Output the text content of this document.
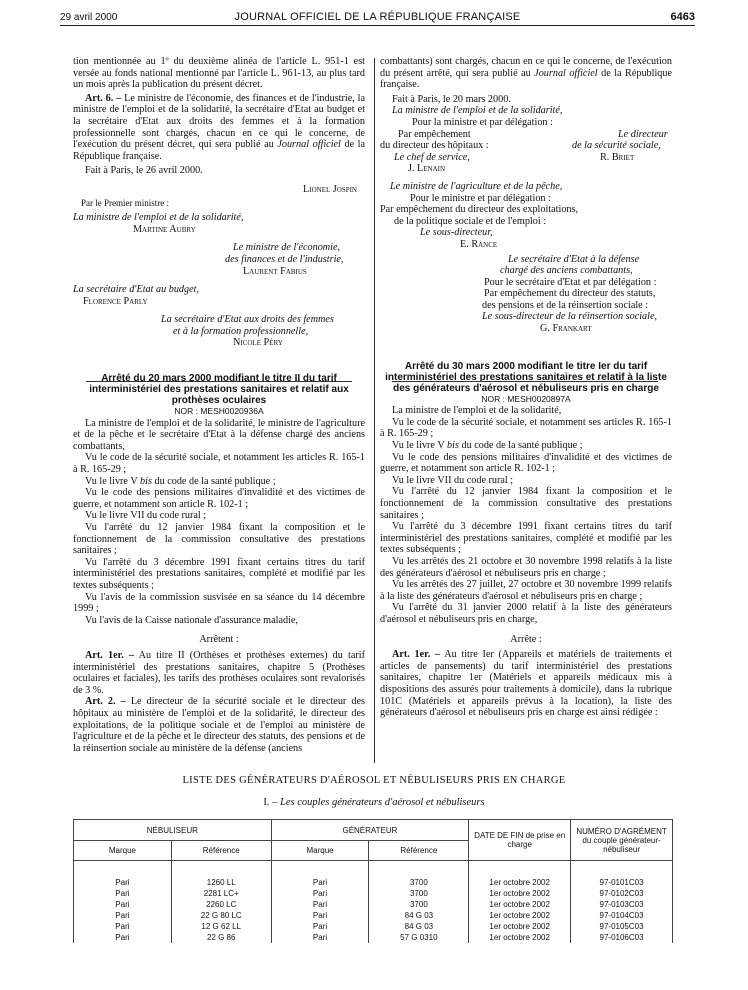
29 avril 2000	JOURNAL OFFICIEL DE LA RÉPUBLIQUE FRANÇAISE	6463

tion mentionnée au 1º du deuxième alinéa de l'article L. 951-1 est versée au fonds national mentionné par l'article L. 961-13, au plus tard un mois après la publication du présent décret.

Art. 6. – Le ministre de l'économie, des finances et de l'industrie, la ministre de l'emploi et de la solidarité, la secrétaire d'Etat au budget et la secrétaire d'Etat aux droits des femmes et à la formation professionnelle sont chargés, chacun en ce qui le concerne, de l'exécution du présent décret, qui sera publié au Journal officiel de la République française.

Fait à Paris, le 26 avril 2000.

Lionel Jospin

Par le Premier ministre :

La ministre de l'emploi et de la solidarité,

Martine Aubry

Le ministre de l'économie,

des finances et de l'industrie,

Laurent Fabius

La secrétaire d'Etat au budget,

Florence Parly

La secrétaire d'Etat aux droits des femmes

et à la formation professionnelle,

Nicole Péry

Arrêté du 20 mars 2000 modifiant le titre II du tarif interministériel des prestations sanitaires et relatif aux prothèses oculaires

NOR : MESH0020936A

La ministre de l'emploi et de la solidarité, le ministre de l'agriculture et de la pêche et le secrétaire d'Etat à la défense chargé des anciens combattants,

Vu le code de la sécurité sociale, et notamment les articles R. 165-1 à R. 165-29 ;

Vu le livre V bis du code de la santé publique ;

Vu le code des pensions militaires d'invalidité et des victimes de guerre, et notamment son article R. 102-1 ;

Vu le livre VII du code rural ;

Vu l'arrêté du 12 janvier 1984 fixant la composition et le fonctionnement de la commission consultative des prestations sanitaires ;

Vu l'arrêté du 3 décembre 1991 fixant certains titres du tarif interministériel des prestations sanitaires, complété et modifié par les textes subséquents ;

Vu l'avis de la commission susvisée en sa séance du 14 décembre 1999 ;

Vu l'avis de la Caisse nationale d'assurance maladie,

Arrêtent :

Art. 1er. – Au titre II (Orthèses et prothèses externes) du tarif interministériel des prestations sanitaires, chapitre 5 (Prothèses oculaires et faciales), les tarifs des prothèses oculaires sont revalorisés de 3 %.

Art. 2. – Le directeur de la sécurité sociale et le directeur des hôpitaux au ministère de l'emploi et de la solidarité, le directeur des exploitations, de la politique sociale et de l'emploi au ministère de l'agriculture et de la pêche et le directeur des statuts, des pensions et de la réinsertion sociale au ministère de la défense (anciens

combattants) sont chargés, chacun en ce qui le concerne, de l'exécution du présent arrêté, qui sera publié au Journal officiel de la République française.

Fait à Paris, le 20 mars 2000.

La ministre de l'emploi et de la solidarité,

Pour la ministre et par délégation :

Par empêchement	Le directeur
du directeur des hôpitaux :	de la sécurité sociale,
Le chef de service,	R. Briet
J. Lenain

Le ministre de l'agriculture et de la pêche,

Pour le ministre et par délégation :

Par empêchement du directeur des exploitations,

de la politique sociale et de l'emploi :

Le sous-directeur,

E. Rance

Le secrétaire d'Etat à la défense

chargé des anciens combattants,

Pour le secrétaire d'Etat et par délégation :

Par empêchement du directeur des statuts,

des pensions et de la réinsertion sociale :

Le sous-directeur de la réinsertion sociale,

G. Frankart

Arrêté du 30 mars 2000 modifiant le titre Ier du tarif interministériel des prestations sanitaires et relatif à la liste des générateurs d'aérosol et nébuliseurs pris en charge

NOR : MESH0020897A

La ministre de l'emploi et de la solidarité,

Vu le code de la sécurité sociale, et notamment ses articles R. 165-1 à R. 165-29 ;

Vu le livre V bis du code de la santé publique ;

Vu le code des pensions militaires d'invalidité et des victimes de guerre, et notamment son article R. 102-1 ;

Vu le livre VII du code rural ;

Vu l'arrêté du 12 janvier 1984 fixant la composition et le fonctionnement de la commission consultative des prestations sanitaires ;

Vu l'arrêté du 3 décembre 1991 fixant certains titres du tarif interministériel des prestations sanitaires, complété et modifié par les textes subséquents ;

Vu les arrêtés des 21 octobre et 30 novembre 1998 relatifs à la liste des générateurs d'aérosol et nébuliseurs pris en charge ;

Vu les arrêtés des 27 juillet, 27 octobre et 30 novembre 1999 relatifs à la liste des générateurs d'aérosol et nébuliseurs pris en charge ;

Vu l'arrêté du 31 janvier 2000 relatif à la liste des générateurs d'aérosol et nébuliseurs pris en charge,

Arrête :

Art. 1er. – Au titre Ier (Appareils et matériels de traitements et articles de pansements) du tarif interministériel des prestations sanitaires, chapitre 1er (Matériels et appareils médicaux mis à dispositions des assurés pour traitements à domicile), dans la rubrique 101C (Matériels et appareils prévus à la location), la liste des générateurs d'aérosol et nébuliseurs pris en charge est ainsi rédigée :

LISTE DES GÉNÉRATEURS D'AÉROSOL ET NÉBULISEURS PRIS EN CHARGE
I. – Les couples générateurs d'aérosol et nébuliseurs
NÉBULISEUR		GÉNÉRATEUR		DATE DE FIN de prise en charge	NUMÉRO D'AGRÉMENT du couple générateur-nébuliseur
Marque	Référence	Marque	Référence		

Pari	1260 LL	Pari	3700	1er octobre 2002	97-0101C03
Pari	2281 LC+	Pari	3700	1er octobre 2002	97-0102C03
Pari	2260 LC	Pari	3700	1er octobre 2002	97-0103C03
Pari	22 G 80 LC	Pari	84 G 03	1er octobre 2002	97-0104C03
Pari	12 G 62 LL	Pari	84 G 03	1er octobre 2002	97-0105C03
Pari	22 G 86	Pari	57 G 0310	1er octobre 2002	97-0106C03
